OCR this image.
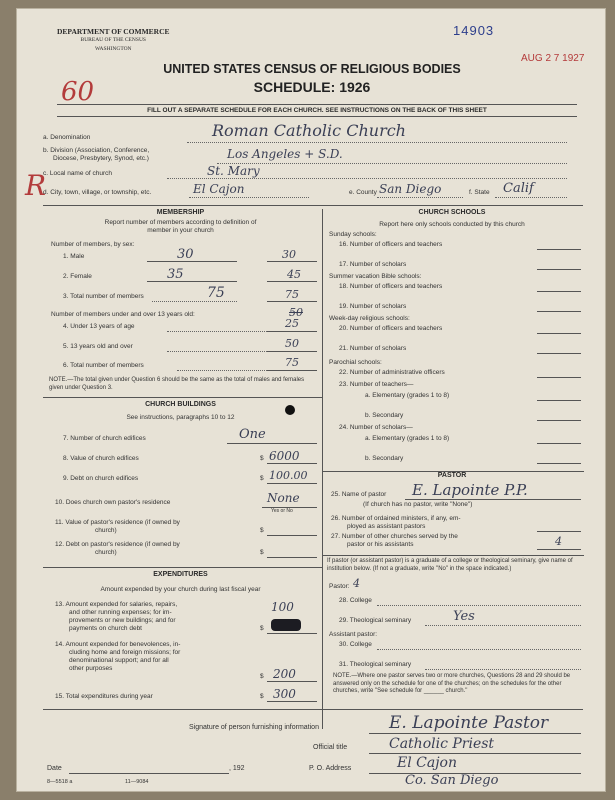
DEPARTMENT OF COMMERCE
BUREAU OF THE CENSUS
WASHINGTON
14903
AUG 2 7 1927
UNITED STATES CENSUS OF RELIGIOUS BODIES
SCHEDULE: 1926
60
R
FILL OUT A SEPARATE SCHEDULE FOR EACH CHURCH. SEE INSTRUCTIONS ON THE BACK OF THIS SHEET
a. Denomination	Roman Catholic Church
b. Division (Association, Conference,
Diocese, Presbytery, Synod, etc.)	Los Angeles + S.D.
c. Local name of church	St. Mary
d. City, town, village, or township, etc.	El Cajon	e. County San Diego	f. State Calif
MEMBERSHIP
Report number of members according to definition of
member in your church
Number of members, by sex:
1. Male	30	30
2. Female	35	45
3. Total number of members	75	75
Number of members under and over 13 years old:	50
4. Under 13 years of age	25
5. 13 years old and over	50
6. Total number of members	75
NOTE.—The total given under Question 6 should be the same as the total of males and females given under Question 3.
CHURCH BUILDINGS
See instructions, paragraphs 10 to 12
7. Number of church edifices	One
8. Value of church edifices	$ 6000
9. Debt on church edifices	$ 100.00
10. Does church own pastor's residence	None
Yes or No
11. Value of pastor's residence (if owned by
church)	$
12. Debt on pastor's residence (if owned by
church)	$
EXPENDITURES
Amount expended by your church during last fiscal year
13. Amount expended for salaries, repairs,
and other running expenses; for im-
provements or new buildings; and for
payments on church debt	$
100
14. Amount expended for benevolences, in-
cluding home and foreign missions; for
denominational support; and for all
other purposes
$ 200
15. Total expenditures during year	$ 300
CHURCH SCHOOLS
Report here only schools conducted by this church
Sunday schools:
16. Number of officers and teachers
17. Number of scholars
Summer vacation Bible schools:
18. Number of officers and teachers
19. Number of scholars
Week-day religious schools:
20. Number of officers and teachers
21. Number of scholars
Parochial schools:
22. Number of administrative officers
23. Number of teachers—
a. Elementary (grades 1 to 8)
b. Secondary
24. Number of scholars—
a. Elementary (grades 1 to 8)
b. Secondary
PASTOR
25. Name of pastor E. Lapointe P.P.
(If church has no pastor, write "None")
26. Number of ordained ministers, if any, em-
ployed as assistant pastors
27. Number of other churches served by the
pastor or his assistants	4
If pastor (or assistant pastor) is a graduate of a college or theological seminary, give name of institution below. (If not a graduate, write "No" in the space indicated.)
Pastor: 4
28. College
29. Theological seminary	Yes
Assistant pastor:
30. College
31. Theological seminary
NOTE.—Where one pastor serves two or more churches, Questions 28 and 29 should be answered only on the schedule for one of the churches; on the schedules for the other churches, write "See schedule for ______ church."
Signature of person furnishing information	E. Lapointe Pastor
Official title	Catholic Priest
Date	, 192	P. O. Address	El Cajon
Co. San Diego
8—5518 a	11—9084
